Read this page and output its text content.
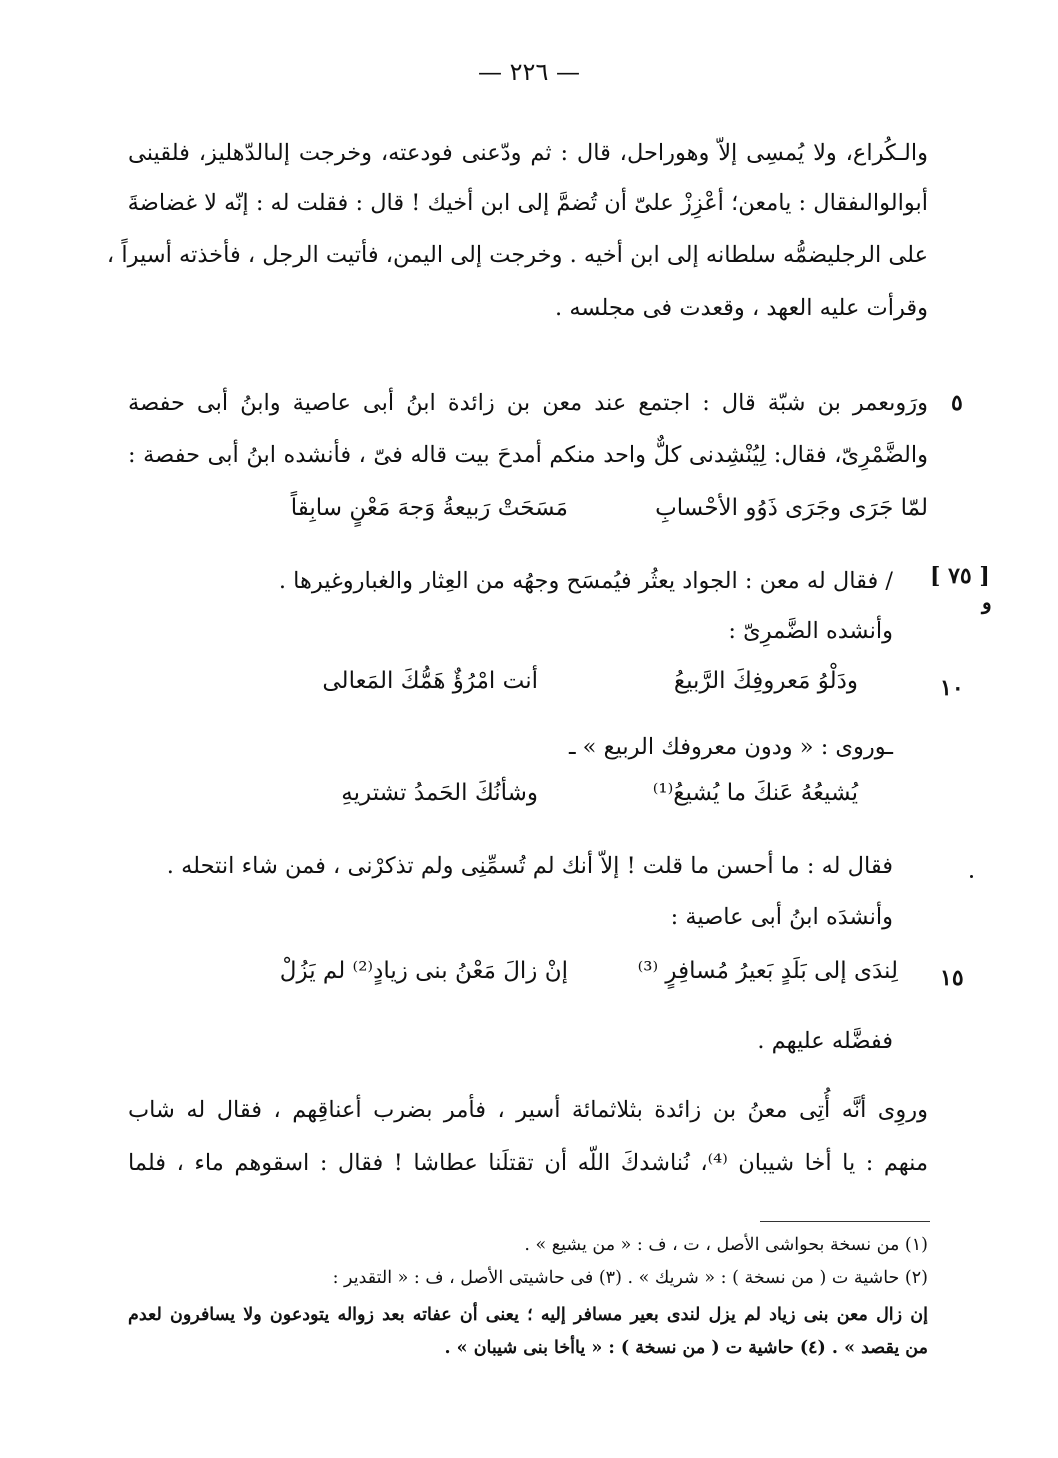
— ٢٢٦ —
والـكُراع، ولا يُمسِى إلاّ وهوراحل، قال : ثم ودّعنى فودعته، وخرجت إلىالدّهليز، فلقينى
أبوالوالىفقال : يامعن؛ أعْزِزْ علىّ أن تُضمَّ إلى ابن أخيك ! قال : فقلت له : إنّه لا غضاضةَ
على الرجليضمُّه سلطانه إلى ابن أخيه . وخرجت إلى اليمن، فأتيت الرجل ، فأخذته أسيراً ،
وقرأت عليه العهد ، وقعدت فى مجلسه .
٥
ورَوىعمر بن شبّة قال : اجتمع عند معن بن زائدة ابنُ أبى عاصية وابنُ أبى حفصة
والضَّمْرِىّ، فقال: لِيُنْشِدنى كلٌّ واحد منكم أمدحَ بيت قاله فىّ ، فأنشده ابنُ أبى حفصة :
مَسَحَتْ رَبيعةُ وَجهَ مَعْنٍ سابِقاً	لمّا جَرَى وجَرَى ذَوُو الأحْسابِ
[ ٧٥ ]
و
/ فقال له معن : الجواد يعثُر فيُمسَح وجهُه من العِثار والغباروغيرها .
وأنشده الضَّمرِىّ :
١٠
أنت امْرُؤٌ هَمُّكَ المَعالى	ودَلْوُ مَعروفِكَ الرَّبيعُ
ـوروى : « ودون معروفك الربيع » ـ
وشأنُكَ الحَمدُ تشتريهِ	يُشيعُهُ عَنكَ ما يُشيعُ⁽¹⁾
فقال له : ما أحسن ما قلت ! إلاّ أنك لم تُسمِّنِى ولم تذكرْنى ، فمن شاء انتحله .
وأنشدَه ابنُ أبى عاصية :
١٥
إنْ زالَ مَعْنُ بنى زيادٍ⁽²⁾ لم يَزُلْ	لِندَى إلى بَلَدٍ بَعيرُ مُسافِرٍ ⁽³⁾
ففضَّله عليهم .
وروِى أنَّه أُتِى معنُ بن زائدة بثلاثمائة أسير ، فأمر بضرب أعناقِهم ، فقال له شاب
منهم : يا أخا شيبان ⁽⁴⁾، نُناشدكَ اللّه أن تقتلَنا عطاشا ! فقال : اسقوهم ماء ، فلما
(١) من نسخة بحواشى الأصل ، ت ، ف : « من يشيع » .
(٢) حاشية ت ( من نسخة ) : « شريك » . (٣) فى حاشيتى الأصل ، ف : « التقدير :
إن زال معن بنى زياد لم يزل لندى بعير مسافر إليه ؛ يعنى أن عفاته بعد زواله يتودعون ولا يسافرون لعدم
من يقصد » . (٤) حاشية ت ( من نسخة ) : « ياأخا بنى شيبان » .
